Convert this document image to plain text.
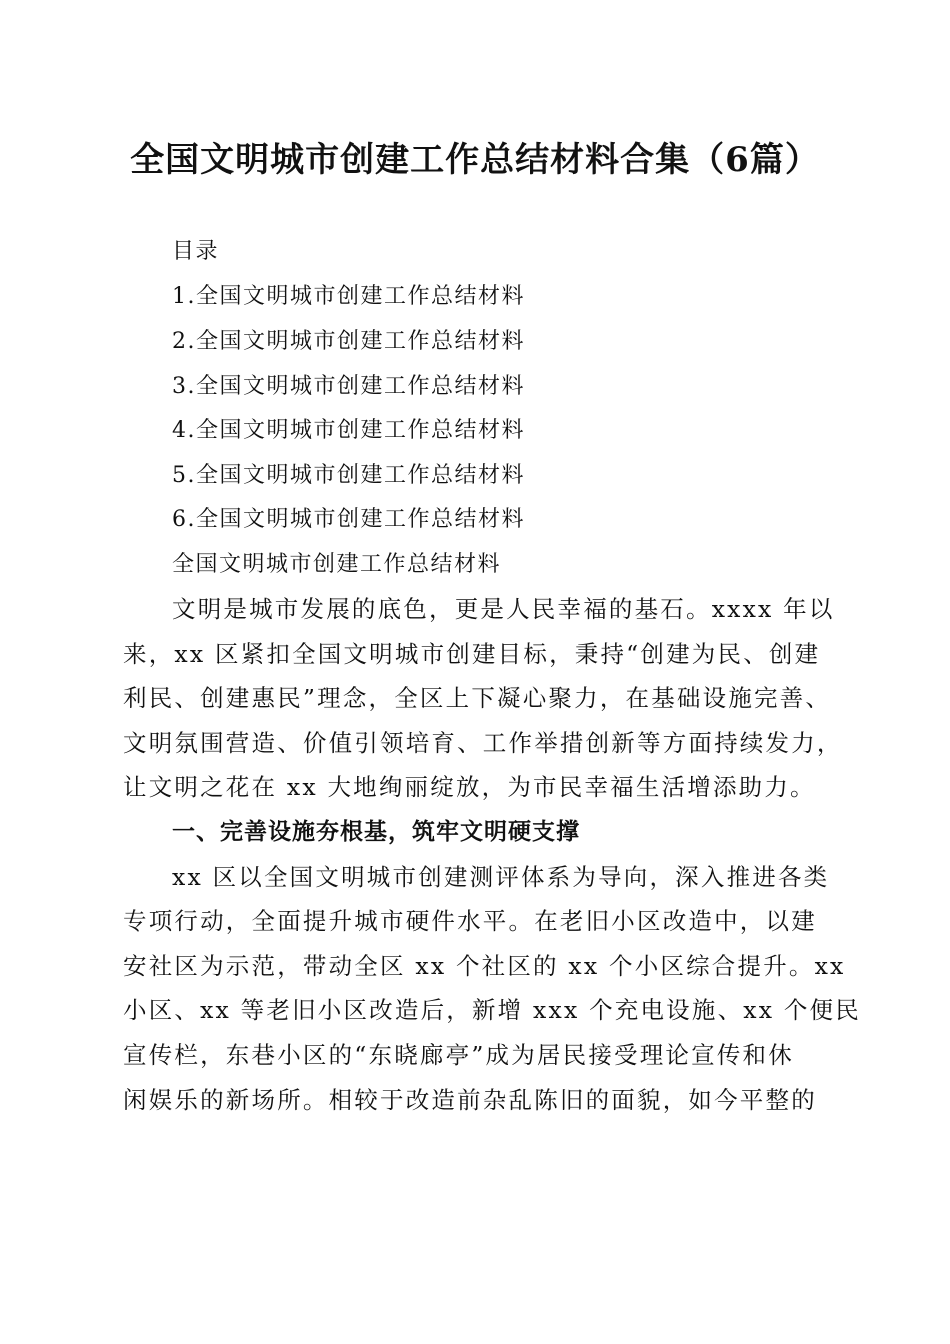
全国文明城市创建工作总结材料合集（6篇）
目录
1.全国文明城市创建工作总结材料
2.全国文明城市创建工作总结材料
3.全国文明城市创建工作总结材料
4.全国文明城市创建工作总结材料
5.全国文明城市创建工作总结材料
6.全国文明城市创建工作总结材料
全国文明城市创建工作总结材料
文明是城市发展的底色，更是人民幸福的基石。xxxx 年以
来，xx 区紧扣全国文明城市创建目标，秉持“创建为民、创建
利民、创建惠民”理念，全区上下凝心聚力，在基础设施完善、
文明氛围营造、价值引领培育、工作举措创新等方面持续发力，
让文明之花在 xx 大地绚丽绽放，为市民幸福生活增添助力。
一、完善设施夯根基，筑牢文明硬支撑
xx 区以全国文明城市创建测评体系为导向，深入推进各类
专项行动，全面提升城市硬件水平。在老旧小区改造中，以建
安社区为示范，带动全区 xx 个社区的 xx 个小区综合提升。xx
小区、xx 等老旧小区改造后，新增 xxx 个充电设施、xx 个便民
宣传栏，东巷小区的“东晓廊亭”成为居民接受理论宣传和休
闲娱乐的新场所。相较于改造前杂乱陈旧的面貌，如今平整的
